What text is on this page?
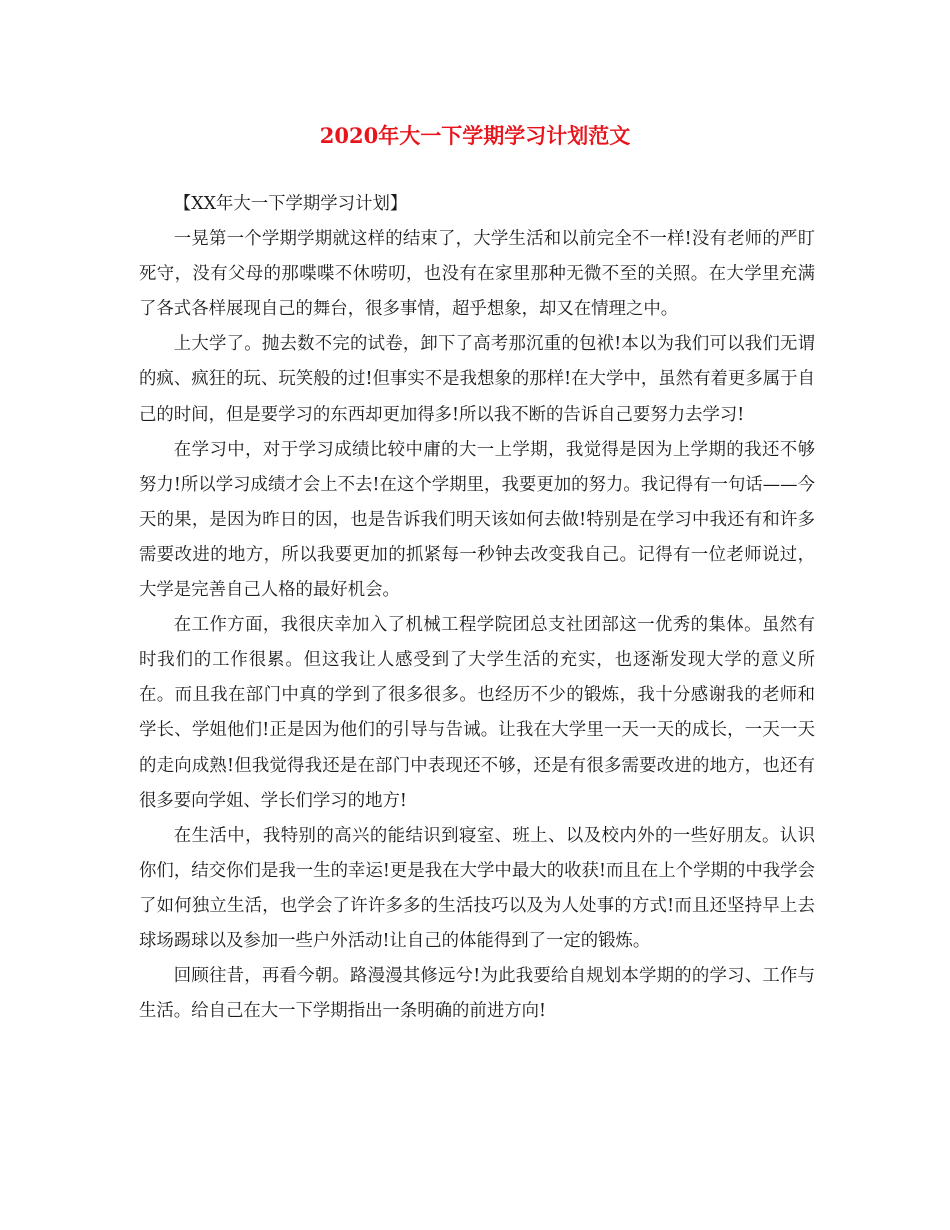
2020年大一下学期学习计划范文

【XX年大一下学期学习计划】

一晃第一个学期学期就这样的结束了，大学生活和以前完全不一样!没有老师的严盯死守，没有父母的那喋喋不休唠叨，也没有在家里那种无微不至的关照。在大学里充满了各式各样展现自己的舞台，很多事情，超乎想象，却又在情理之中。

上大学了。抛去数不完的试卷，卸下了高考那沉重的包袱!本以为我们可以我们无谓的疯、疯狂的玩、玩笑般的过!但事实不是我想象的那样!在大学中，虽然有着更多属于自己的时间，但是要学习的东西却更加得多!所以我不断的告诉自己要努力去学习!

在学习中，对于学习成绩比较中庸的大一上学期，我觉得是因为上学期的我还不够努力!所以学习成绩才会上不去!在这个学期里，我要更加的努力。我记得有一句话——今天的果，是因为昨日的因，也是告诉我们明天该如何去做!特别是在学习中我还有和许多需要改进的地方，所以我要更加的抓紧每一秒钟去改变我自己。记得有一位老师说过，大学是完善自己人格的最好机会。

在工作方面，我很庆幸加入了机械工程学院团总支社团部这一优秀的集体。虽然有时我们的工作很累。但这我让人感受到了大学生活的充实，也逐渐发现大学的意义所在。而且我在部门中真的学到了很多很多。也经历不少的锻炼，我十分感谢我的老师和学长、学姐他们!正是因为他们的引导与告诫。让我在大学里一天一天的成长，一天一天的走向成熟!但我觉得我还是在部门中表现还不够，还是有很多需要改进的地方，也还有很多要向学姐、学长们学习的地方!

在生活中，我特别的高兴的能结识到寝室、班上、以及校内外的一些好朋友。认识你们，结交你们是我一生的幸运!更是我在大学中最大的收获!而且在上个学期的中我学会了如何独立生活，也学会了许许多多的生活技巧以及为人处事的方式!而且还坚持早上去球场踢球以及参加一些户外活动!让自己的体能得到了一定的锻炼。

回顾往昔，再看今朝。路漫漫其修远兮!为此我要给自规划本学期的的学习、工作与生活。给自己在大一下学期指出一条明确的前进方向!
